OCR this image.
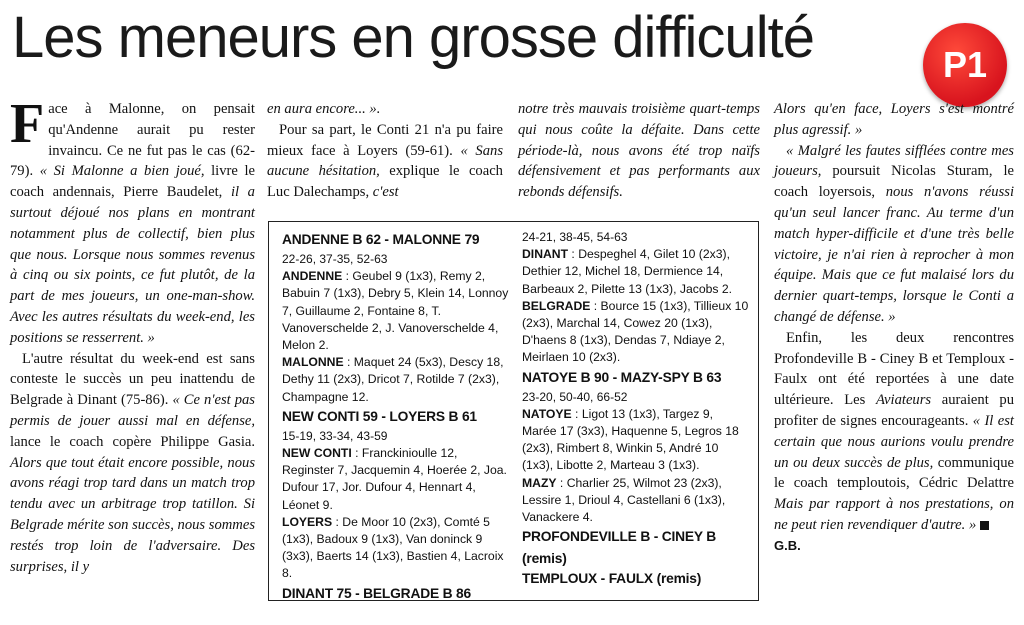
Les meneurs en grosse difficulté	P1

Face à Malonne, on pensait qu'Andenne aurait pu rester invaincu. Ce ne fut pas le cas (62-79). « Si Malonne a bien joué, livre le coach andennais, Pierre Baudelet, il a surtout déjoué nos plans en montrant notamment plus de collectif, bien plus que nous. Lorsque nous sommes revenus à cinq ou six points, ce fut plutôt, de la part de mes joueurs, un one-man-show. Avec les autres résultats du week-end, les positions se resserrent. »

L'autre résultat du week-end est sans conteste le succès un peu inattendu de Belgrade à Dinant (75-86). « Ce n'est pas permis de jouer aussi mal en défense, lance le coach copère Philippe Gasia. Alors que tout était encore possible, nous avons réagi trop tard dans un match trop tendu avec un arbitrage trop tatillon. Si Belgrade mérite son succès, nous sommes restés trop loin de l'adversaire. Des surprises, il y

en aura encore... ».

Pour sa part, le Conti 21 n'a pu faire mieux face à Loyers (59-61). « Sans aucune hésitation, explique le coach Luc Dalechamps, c'est

notre très mauvais troisième quart-temps qui nous coûte la défaite. Dans cette période-là, nous avons été trop naïfs défensivement et pas performants aux rebonds défensifs.

Alors qu'en face, Loyers s'est montré plus agressif. »

« Malgré les fautes sifflées contre mes joueurs, poursuit Nicolas Sturam, le coach loyersois, nous n'avons réussi qu'un seul lancer franc. Au terme d'un match hyper-difficile et d'une très belle victoire, je n'ai rien à reprocher à mon équipe. Mais que ce fut malaisé lors du dernier quart-temps, lorsque le Conti a changé de défense. »

Enfin, les deux rencontres Profondeville B - Ciney B et Temploux - Faulx ont été reportées à une date ultérieure. Les Aviateurs auraient pu profiter de signes encourageants. « Il est certain que nous aurions voulu prendre un ou deux succès de plus, communique le coach temploutois, Cédric Delattre Mais par rapport à nos prestations, on ne peut rien revendiquer d'autre. »

G.B.

ANDENNE B 62 - MALONNE 79

22-26, 37-35, 52-63

ANDENNE : Geubel 9 (1x3), Remy 2, Babuin 7 (1x3), Debry 5, Klein 14, Lonnoy 7, Guillaume 2, Fontaine 8, T. Vanoverschelde 2, J. Vanoverschelde 4, Melon 2.

MALONNE : Maquet 24 (5x3), Descy 18, Dethy 11 (2x3), Dricot 7, Rotilde 7 (2x3), Champagne 12.

NEW CONTI 59 - LOYERS B 61

15-19, 33-34, 43-59

NEW CONTI : Franckinioulle 12, Reginster 7, Jacquemin 4, Hoerée 2, Joa. Dufour 17, Jor. Dufour 4, Hennart 4, Léonet 9.

LOYERS : De Moor 10 (2x3), Comté 5 (1x3), Badoux 9 (1x3), Van doninck 9 (3x3), Baerts 14 (1x3), Bastien 4, Lacroix 8.

DINANT 75 - BELGRADE B 86

24-21, 38-45, 54-63

DINANT : Despeghel 4, Gilet 10 (2x3), Dethier 12, Michel 18, Dermience 14, Barbeaux 2, Pilette 13 (1x3), Jacobs 2.

BELGRADE : Bource 15 (1x3), Tillieux 10 (2x3), Marchal 14, Cowez 20 (1x3), D'haens 8 (1x3), Dendas 7, Ndiaye 2, Meirlaen 10 (2x3).

NATOYE B 90 - MAZY-SPY B 63

23-20, 50-40, 66-52

NATOYE : Ligot 13 (1x3), Targez 9, Marée 17 (3x3), Haquenne 5, Legros 18 (2x3), Rimbert 8, Winkin 5, André 10 (1x3), Libotte 2, Marteau 3 (1x3).

MAZY : Charlier 25, Wilmot 23 (2x3), Lessire 1, Drioul 4, Castellani 6 (1x3), Vanackere 4.

PROFONDEVILLE B - CINEY B (remis)

TEMPLOUX - FAULX (remis)
